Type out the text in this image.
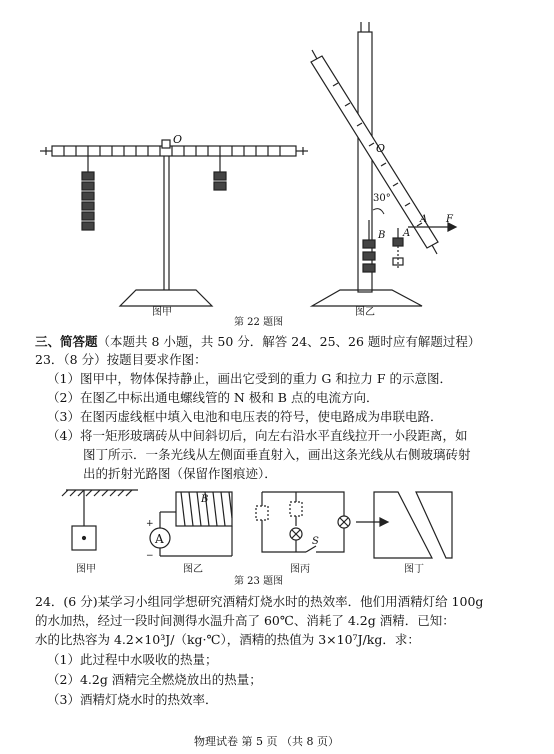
O
图甲
O
30°
B A
A F
图乙
第 22 题图
三、简答题（本题共 8 小题，共 50 分．解答 24、25、26 题时应有解题过程）
23．（8 分）按题目要求作图：
（1）图甲中，物体保持静止，画出它受到的重力 G 和拉力 F 的示意图．
（2）在图乙中标出通电螺线管的 N 极和 B 点的电流方向．
（3）在图丙虚线框中填入电池和电压表的符号，使电路成为串联电路．
（4）将一矩形玻璃砖从中间斜切后，向左右沿水平直线拉开一小段距离，如
图丁所示．一条光线从左侧面垂直射入，画出这条光线从右侧玻璃砖射
出的折射光路图（保留作图痕迹）．
图甲
A
+
−
B
图乙
S
图丙	图丁
第 23 题图
24．(6 分)某学习小组同学想研究酒精灯烧水时的热效率．他们用酒精灯给 100g
的水加热，经过一段时间测得水温升高了 60℃、消耗了 4.2g 酒精．已知：
水的比热容为 4.2×10³J/（kg·℃），酒精的热值为 3×10⁷J/kg．求：
（1）此过程中水吸收的热量；
（2）4.2g 酒精完全燃烧放出的热量；
（3）酒精灯烧水时的热效率．
物理试卷 第 5 页 （共 8 页）
